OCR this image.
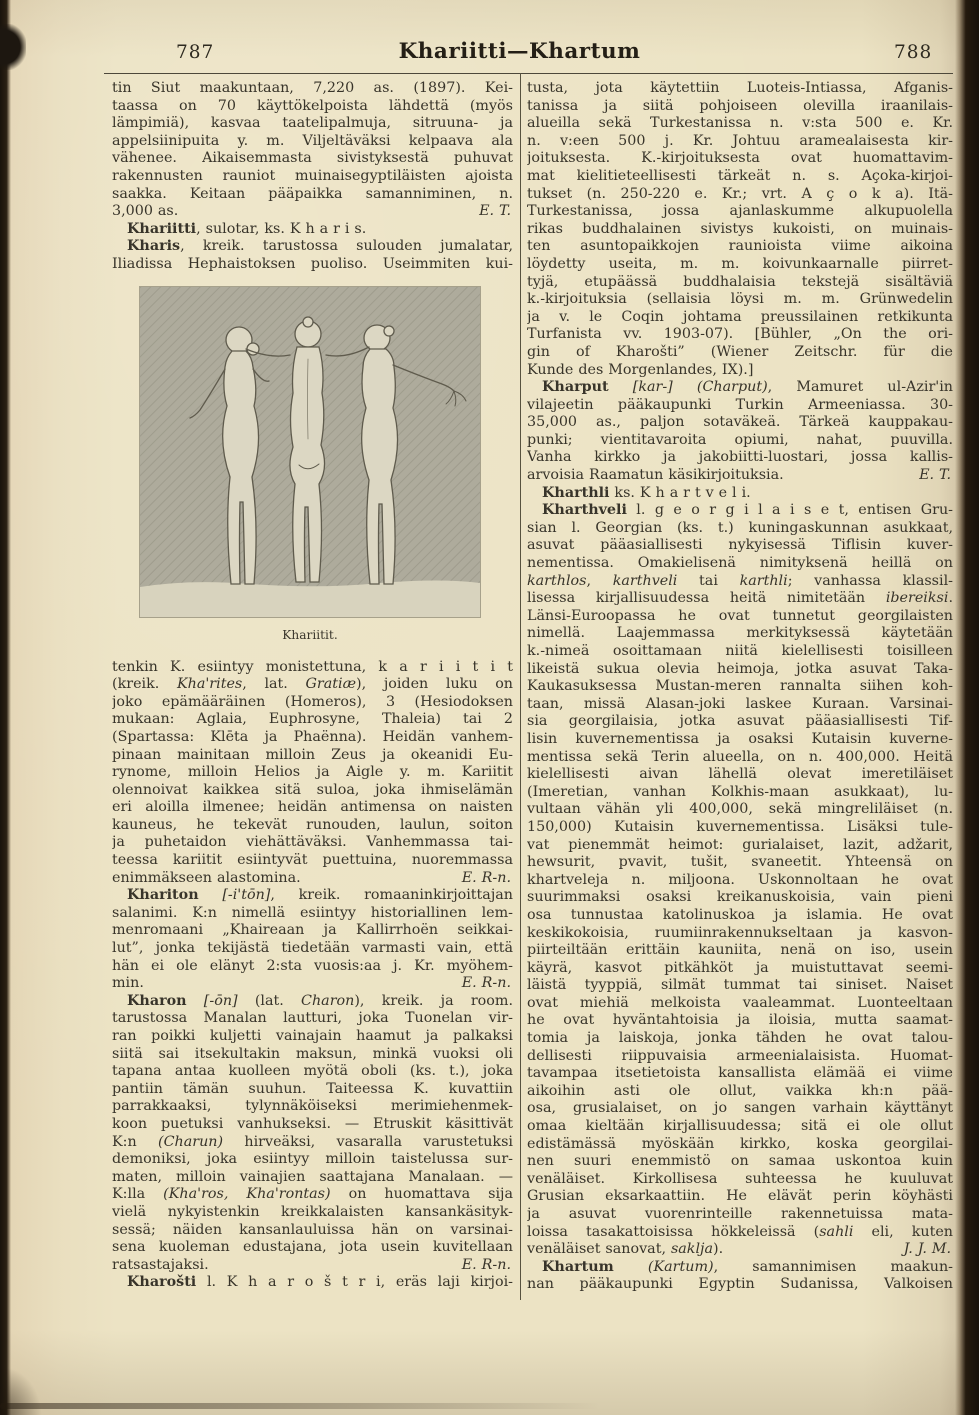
787	Khariitti—Khartum	788
tin Siut maakuntaan, 7,220 as. (1897). Kei-
taassa on 70 käyttökelpoista lähdettä (myös
lämpimiä), kasvaa taatelipalmuja, sitruuna- ja
appelsiinipuita y. m. Viljeltäväksi kelpaava ala
vähenee. Aikaisemmasta sivistyksestä puhuvat
rakennusten rauniot muinaisegyptiläisten ajoista
saakka. Keitaan pääpaikka samanniminen, n.
E. T.
3,000 as.
Khariitti, sulotar, ks. K h a r i s.
Kharis, kreik. tarustossa sulouden jumalatar,
Iliadissa Hephaistoksen puoliso. Useimmiten kui-
Khariitit.
tenkin K. esiintyy monistettuna, k a r i i t i t
(kreik. Kha'rites, lat. Gratiæ), joiden luku on
joko epämääräinen (Homeros), 3 (Hesiodoksen
mukaan: Aglaia, Euphrosyne, Thaleia) tai 2
(Spartassa: Klēta ja Phaënna). Heidän vanhem-
pinaan mainitaan milloin Zeus ja okeanidi Eu-
rynome, milloin Helios ja Aigle y. m. Kariitit
olennoivat kaikkea sitä suloa, joka ihmiselämän
eri aloilla ilmenee; heidän antimensa on naisten
kauneus, he tekevät runouden, laulun, soiton
ja puhetaidon viehättäväksi. Vanhemmassa tai-
teessa kariitit esiintyvät puettuina, nuoremmassa
E. R-n.
enimmäkseen alastomina.
Khariton [-i'tōn], kreik. romaaninkirjoittajan
salanimi. K:n nimellä esiintyy historiallinen lem-
menromaani „Khaireaan ja Kallirrhoën seikkai-
lut”, jonka tekijästä tiedetään varmasti vain, että
hän ei ole elänyt 2:sta vuosis:aa j. Kr. myöhem-
E. R-n.
min.
Kharon [-ōn] (lat. Charon), kreik. ja room.
tarustossa Manalan lautturi, joka Tuonelan vir-
ran poikki kuljetti vainajain haamut ja palkaksi
siitä sai itsekultakin maksun, minkä vuoksi oli
tapana antaa kuolleen myötä oboli (ks. t.), joka
pantiin tämän suuhun. Taiteessa K. kuvattiin
parrakkaaksi, tylynnäköiseksi merimiehenmek-
koon puetuksi vanhukseksi. — Etruskit käsittivät
K:n (Charun) hirveäksi, vasaralla varustetuksi
demoniksi, joka esiintyy milloin taistelussa sur-
maten, milloin vainajien saattajana Manalaan. —
K:lla (Kha'ros, Kha'rontas) on huomattava sija
vielä nykyistenkin kreikkalaisten kansankäsityk-
sessä; näiden kansanlauluissa hän on varsinai-
sena kuoleman edustajana, jota usein kuvitellaan
E. R-n.
ratsastajaksi.
Kharošti l. K h a r o š t r i, eräs laji kirjoi-
tusta, jota käytettiin Luoteis-Intiassa, Afganis-
tanissa ja siitä pohjoiseen olevilla iraanilais-
alueilla sekä Turkestanissa n. v:sta 500 e. Kr.
n. v:een 500 j. Kr. Johtuu aramealaisesta kir-
joituksesta. K.-kirjoituksesta ovat huomattavim-
mat kielitieteellisesti tärkeät n. s. Açoka-kirjoi-
tukset (n. 250-220 e. Kr.; vrt. A ç o k a). Itä-
Turkestanissa, jossa ajanlaskumme alkupuolella
rikas buddhalainen sivistys kukoisti, on muinais-
ten asuntopaikkojen raunioista viime aikoina
löydetty useita, m. m. koivunkaarnalle piirret-
tyjä, etupäässä buddhalaisia tekstejä sisältäviä
k.-kirjoituksia (sellaisia löysi m. m. Grünwedelin
ja v. le Coqin johtama preussilainen retkikunta
Turfanista vv. 1903-07). [Bühler, „On the ori-
gin of Kharošti” (Wiener Zeitschr. für die
Kunde des Morgenlandes, IX).]
Kharput [kar-] (Charput), Mamuret ul-Azir'in
vilajeetin pääkaupunki Turkin Armeeniassa. 30-
35,000 as., paljon sotaväkeä. Tärkeä kauppakau-
punki; vientitavaroita opiumi, nahat, puuvilla.
Vanha kirkko ja jakobiitti-luostari, jossa kallis-
E. T.
arvoisia Raamatun käsikirjoituksia.
Kharthli ks. K h a r t v e l i.
Kharthveli l. g e o r g i l a i s e t, entisen Gru-
sian l. Georgian (ks. t.) kuningaskunnan asukkaat,
asuvat pääasiallisesti nykyisessä Tiflisin kuver-
nementissa. Omakielisenä nimityksenä heillä on
karthlos, karthveli tai karthli; vanhassa klassil-
lisessa kirjallisuudessa heitä nimitetään ibereiksi.
Länsi-Euroopassa he ovat tunnetut georgilaisten
nimellä. Laajemmassa merkityksessä käytetään
k.-nimeä osoittamaan niitä kielellisesti toisilleen
likeistä sukua olevia heimoja, jotka asuvat Taka-
Kaukasuksessa Mustan-meren rannalta siihen koh-
taan, missä Alasan-joki laskee Kuraan. Varsinai-
sia georgilaisia, jotka asuvat pääasiallisesti Tif-
lisin kuvernementissa ja osaksi Kutaisin kuverne-
mentissa sekä Terin alueella, on n. 400,000. Heitä
kielellisesti aivan lähellä olevat imeretiläiset
(Imeretian, vanhan Kolkhis-maan asukkaat), lu-
vultaan vähän yli 400,000, sekä mingreliläiset (n.
150,000) Kutaisin kuvernementissa. Lisäksi tule-
vat pienemmät heimot: gurialaiset, lazit, adžarit,
hewsurit, pvavit, tušit, svaneetit. Yhteensä on
khartveleja n. miljoona. Uskonnoltaan he ovat
suurimmaksi osaksi kreikanuskoisia, vain pieni
osa tunnustaa katolinuskoa ja islamia. He ovat
keskikokoisia, ruumiinrakennukseltaan ja kasvon-
piirteiltään erittäin kauniita, nenä on iso, usein
käyrä, kasvot pitkähköt ja muistuttavat seemi-
läistä tyyppiä, silmät tummat tai siniset. Naiset
ovat miehiä melkoista vaaleammat. Luonteeltaan
he ovat hyväntahtoisia ja iloisia, mutta saamat-
tomia ja laiskoja, jonka tähden he ovat talou-
dellisesti riippuvaisia armeenialaisista. Huomat-
tavampaa itsetietoista kansallista elämää ei viime
aikoihin asti ole ollut, vaikka kh:n pää-
osa, grusialaiset, on jo sangen varhain käyttänyt
omaa kieltään kirjallisuudessa; sitä ei ole ollut
edistämässä myöskään kirkko, koska georgilai-
nen suuri enemmistö on samaa uskontoa kuin
venäläiset. Kirkollisesa suhteessa he kuuluvat
Grusian eksarkaattiin. He elävät perin köyhästi
ja asuvat vuorenrinteille rakennetuissa mata-
loissa tasakattoisissa hökkeleissä (sahli eli, kuten
J. J. M.
venäläiset sanovat, saklja).
Khartum (Kartum), samannimisen maakun-
nan pääkaupunki Egyptin Sudanissa, Valkoisen
